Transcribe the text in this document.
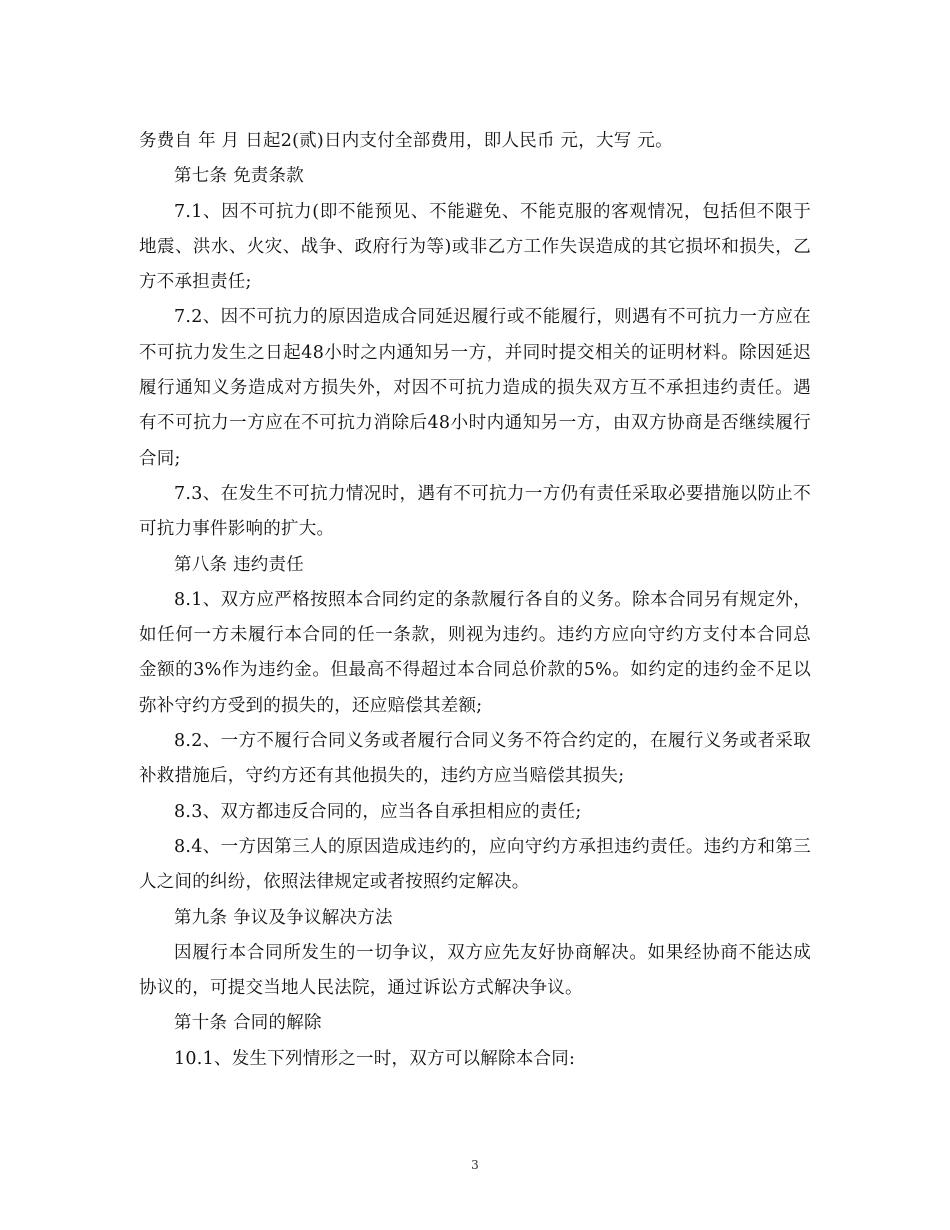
务费自 年 月 日起2(贰)日内支付全部费用，即人民币 元，大写 元。

第七条 免责条款

7.1、因不可抗力(即不能预见、不能避免、不能克服的客观情况，包括但不限于地震、洪水、火灾、战争、政府行为等)或非乙方工作失误造成的其它损坏和损失，乙方不承担责任;

7.2、因不可抗力的原因造成合同延迟履行或不能履行，则遇有不可抗力一方应在不可抗力发生之日起48小时之内通知另一方，并同时提交相关的证明材料。除因延迟履行通知义务造成对方损失外，对因不可抗力造成的损失双方互不承担违约责任。遇有不可抗力一方应在不可抗力消除后48小时内通知另一方，由双方协商是否继续履行合同;

7.3、在发生不可抗力情况时，遇有不可抗力一方仍有责任采取必要措施以防止不可抗力事件影响的扩大。

第八条 违约责任

8.1、双方应严格按照本合同约定的条款履行各自的义务。除本合同另有规定外，如任何一方未履行本合同的任一条款，则视为违约。违约方应向守约方支付本合同总金额的3%作为违约金。但最高不得超过本合同总价款的5%。如约定的违约金不足以弥补守约方受到的损失的，还应赔偿其差额;

8.2、一方不履行合同义务或者履行合同义务不符合约定的，在履行义务或者采取补救措施后，守约方还有其他损失的，违约方应当赔偿其损失;

8.3、双方都违反合同的，应当各自承担相应的责任;

8.4、一方因第三人的原因造成违约的，应向守约方承担违约责任。违约方和第三人之间的纠纷，依照法律规定或者按照约定解决。

第九条 争议及争议解决方法

因履行本合同所发生的一切争议，双方应先友好协商解决。如果经协商不能达成协议的，可提交当地人民法院，通过诉讼方式解决争议。

第十条 合同的解除

10.1、发生下列情形之一时，双方可以解除本合同:

3
